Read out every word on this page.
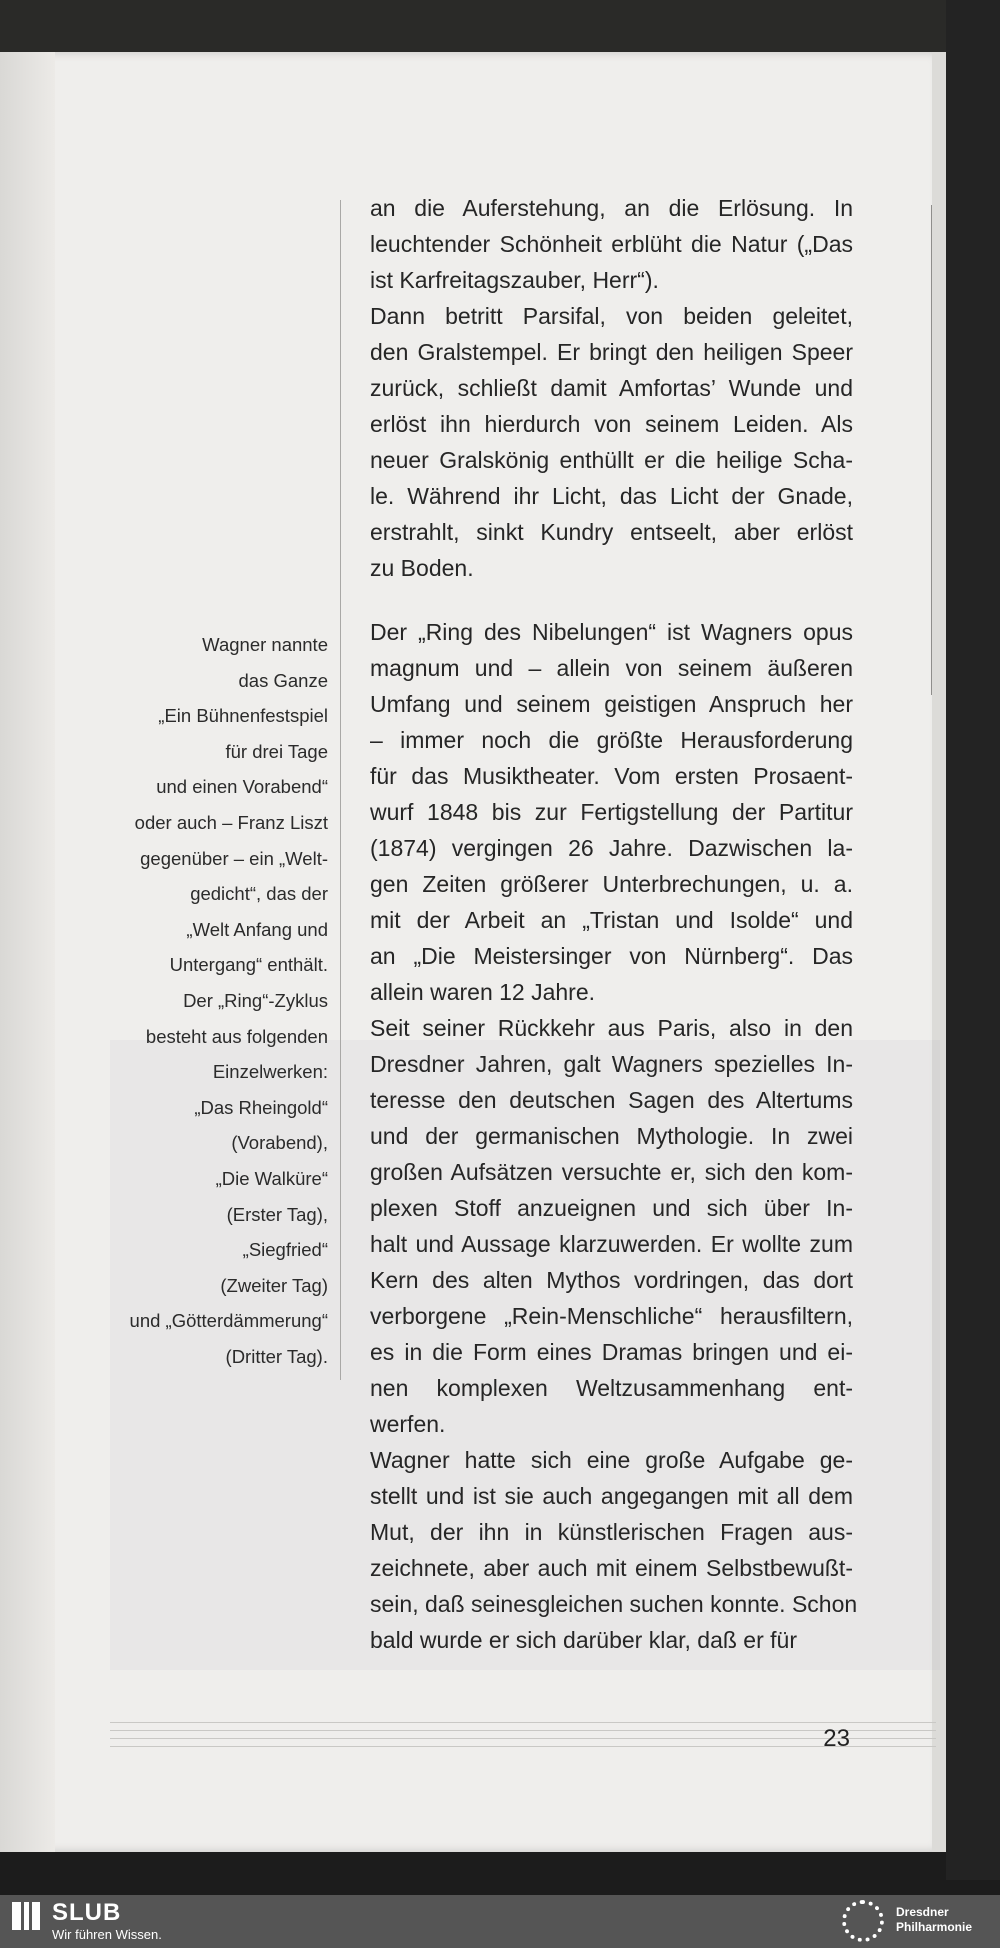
Wagner nannte
das Ganze
„Ein Bühnenfestspiel
für drei Tage
und einen Vorabend“
oder auch – Franz Liszt
gegenüber – ein „Welt-
gedicht“, das der
„Welt Anfang und
Untergang“ enthält.
Der „Ring“-Zyklus
besteht aus folgenden
Einzelwerken:
„Das Rheingold“
(Vorabend),
„Die Walküre“
(Erster Tag),
„Siegfried“
(Zweiter Tag)
und „Götterdämmerung“
(Dritter Tag).
an die Auferstehung, an die Erlösung. In
leuchtender Schönheit erblüht die Natur („Das
ist Karfreitagszauber, Herr“).
Dann betritt Parsifal, von beiden geleitet,
den Gralstempel. Er bringt den heiligen Speer
zurück, schließt damit Amfortas’ Wunde und
erlöst ihn hierdurch von seinem Leiden. Als
neuer Gralskönig enthüllt er die heilige Scha-
le. Während ihr Licht, das Licht der Gnade,
erstrahlt, sinkt Kundry entseelt, aber erlöst
zu Boden.
Der „Ring des Nibelungen“ ist Wagners opus
magnum und – allein von seinem äußeren
Umfang und seinem geistigen Anspruch her
– immer noch die größte Herausforderung
für das Musiktheater. Vom ersten Prosaent-
wurf 1848 bis zur Fertigstellung der Partitur
(1874) vergingen 26 Jahre. Dazwischen la-
gen Zeiten größerer Unterbrechungen, u. a.
mit der Arbeit an „Tristan und Isolde“ und
an „Die Meistersinger von Nürnberg“. Das
allein waren 12 Jahre.
Seit seiner Rückkehr aus Paris, also in den
Dresdner Jahren, galt Wagners spezielles In-
teresse den deutschen Sagen des Altertums
und der germanischen Mythologie. In zwei
großen Aufsätzen versuchte er, sich den kom-
plexen Stoff anzueignen und sich über In-
halt und Aussage klarzuwerden. Er wollte zum
Kern des alten Mythos vordringen, das dort
verborgene „Rein-Menschliche“ herausfiltern,
es in die Form eines Dramas bringen und ei-
nen komplexen Weltzusammenhang ent-
werfen.
Wagner hatte sich eine große Aufgabe ge-
stellt und ist sie auch angegangen mit all dem
Mut, der ihn in künstlerischen Fragen aus-
zeichnete, aber auch mit einem Selbstbewußt-
sein, daß seinesgleichen suchen konnte. Schon
bald wurde er sich darüber klar, daß er für
23
SLUB
Wir führen Wissen.
Dresdner
Philharmonie
